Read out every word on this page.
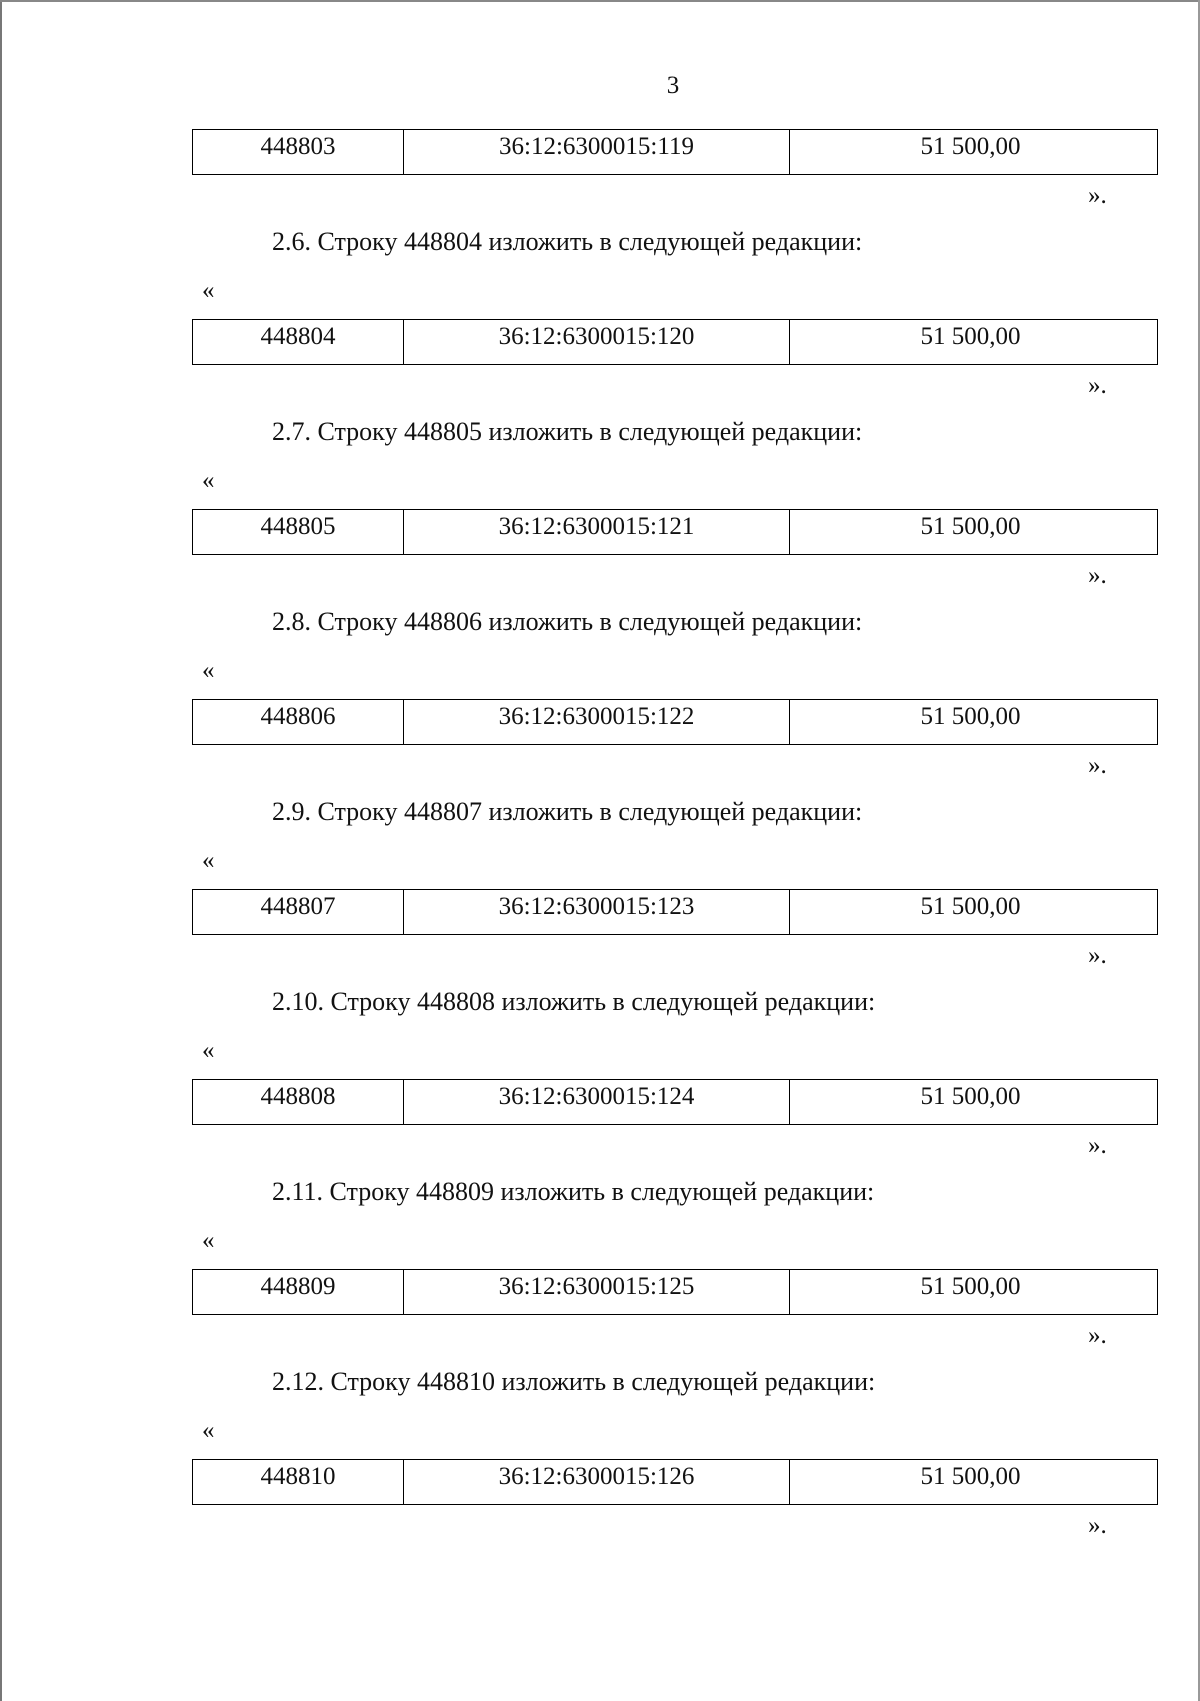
3
448803	36:12:6300015:119	51 500,00
».
2.6. Строку 448804 изложить в следующей редакции:
«
448804	36:12:6300015:120	51 500,00
».
2.7. Строку 448805 изложить в следующей редакции:
«
448805	36:12:6300015:121	51 500,00
».
2.8. Строку 448806 изложить в следующей редакции:
«
448806	36:12:6300015:122	51 500,00
».
2.9. Строку 448807 изложить в следующей редакции:
«
448807	36:12:6300015:123	51 500,00
».
2.10. Строку 448808 изложить в следующей редакции:
«
448808	36:12:6300015:124	51 500,00
».
2.11. Строку 448809 изложить в следующей редакции:
«
448809	36:12:6300015:125	51 500,00
».
2.12. Строку 448810 изложить в следующей редакции:
«
448810	36:12:6300015:126	51 500,00
».
